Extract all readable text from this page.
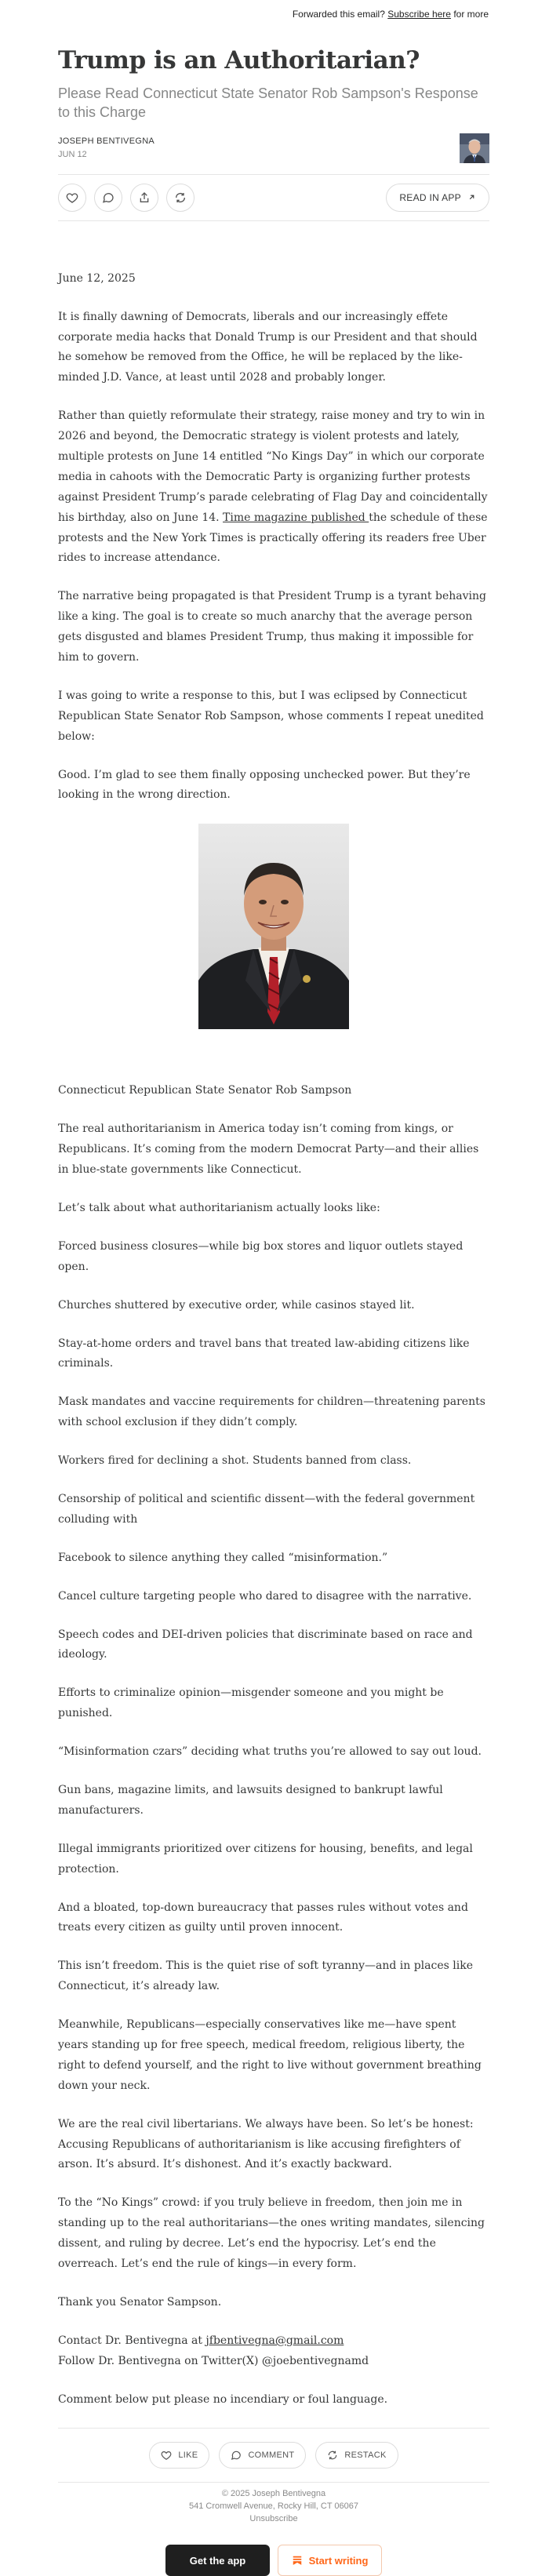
Forwarded this email? Subscribe here for more
Trump is an Authoritarian?
Please Read Connecticut State Senator Rob Sampson's Response to this Charge
JOSEPH BENTIVEGNA
JUN 12
READ IN APP

June 12, 2025

It is finally dawning of Democrats, liberals and our increasingly effete corporate media hacks that Donald Trump is our President and that should he somehow be removed from the Office, he will be replaced by the like-minded J.D. Vance, at least until 2028 and probably longer.

Rather than quietly reformulate their strategy, raise money and try to win in 2026 and beyond, the Democratic strategy is violent protests and lately, multiple protests on June 14 entitled “No Kings Day” in which our corporate media in cahoots with the Democratic Party is organizing further protests against President Trump’s parade celebrating of Flag Day and coincidentally his birthday, also on June 14. Time magazine published the schedule of these protests and the New York Times is practically offering its readers free Uber rides to increase attendance.

The narrative being propagated is that President Trump is a tyrant behaving like a king. The goal is to create so much anarchy that the average person gets disgusted and blames President Trump, thus making it impossible for him to govern.

I was going to write a response to this, but I was eclipsed by Connecticut Republican State Senator Rob Sampson, whose comments I repeat unedited below:

Good. I’m glad to see them finally opposing unchecked power. But they’re looking in the wrong direction.

Connecticut Republican State Senator Rob Sampson

The real authoritarianism in America today isn’t coming from kings, or Republicans. It’s coming from the modern Democrat Party—and their allies in blue-state governments like Connecticut.

Let’s talk about what authoritarianism actually looks like:

Forced business closures—while big box stores and liquor outlets stayed open.

Churches shuttered by executive order, while casinos stayed lit.

Stay-at-home orders and travel bans that treated law-abiding citizens like criminals.

Mask mandates and vaccine requirements for children—threatening parents with school exclusion if they didn’t comply.

Workers fired for declining a shot. Students banned from class.

Censorship of political and scientific dissent—with the federal government colluding with

Facebook to silence anything they called “misinformation.”

Cancel culture targeting people who dared to disagree with the narrative.

Speech codes and DEI-driven policies that discriminate based on race and ideology.

Efforts to criminalize opinion—misgender someone and you might be punished.

“Misinformation czars” deciding what truths you’re allowed to say out loud.

Gun bans, magazine limits, and lawsuits designed to bankrupt lawful manufacturers.

Illegal immigrants prioritized over citizens for housing, benefits, and legal protection.

And a bloated, top-down bureaucracy that passes rules without votes and treats every citizen as guilty until proven innocent.

This isn’t freedom. This is the quiet rise of soft tyranny—and in places like Connecticut, it’s already law.

Meanwhile, Republicans—especially conservatives like me—have spent years standing up for free speech, medical freedom, religious liberty, the right to defend yourself, and the right to live without government breathing down your neck.

We are the real civil libertarians. We always have been. So let’s be honest: Accusing Republicans of authoritarianism is like accusing firefighters of arson. It’s absurd. It’s dishonest. And it’s exactly backward.

To the “No Kings” crowd: if you truly believe in freedom, then join me in standing up to the real authoritarians—the ones writing mandates, silencing dissent, and ruling by decree. Let’s end the hypocrisy. Let’s end the overreach. Let’s end the rule of kings—in every form.

Thank you Senator Sampson.

Contact Dr. Bentivegna at jfbentivegna@gmail.com
Follow Dr. Bentivegna on Twitter(X) @joebentivegnamd

Comment below put please no incendiary or foul language.

LIKE	COMMENT	RESTACK
© 2025 Joseph Bentivegna
541 Cromwell Avenue, Rocky Hill, CT 06067
Unsubscribe
Get the app	Start writing
